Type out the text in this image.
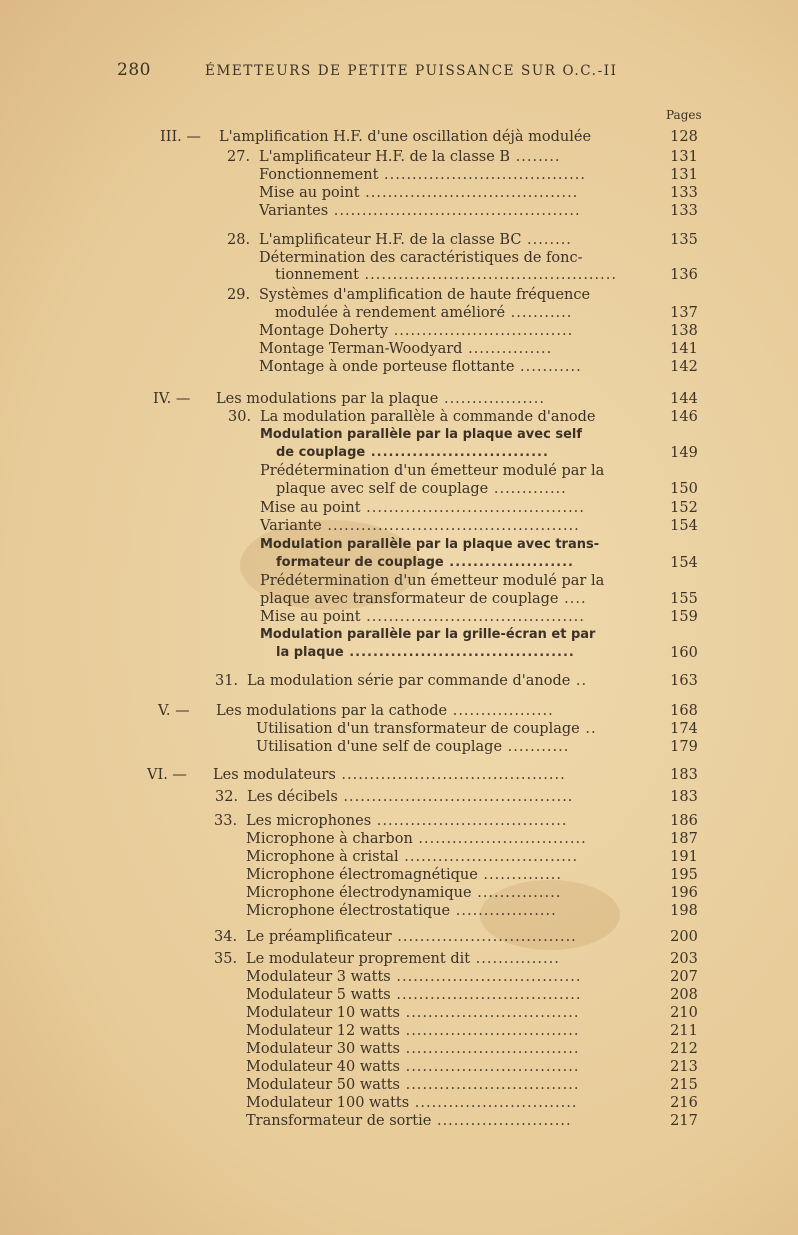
280	ÉMETTEURS DE PETITE PUISSANCE SUR O.C.-II
Pages
III. — L'amplification H.F. d'une oscillation déjà modulée	128
27. L'amplificateur H.F. de la classe B ........	131
Fonctionnement ....................................	131
Mise au point ......................................	133
Variantes ............................................	133
28. L'amplificateur H.F. de la classe BC ........	135
Détermination des caractéristiques de fonc-
tionnement .............................................	136
29. Systèmes d'amplification de haute fréquence
modulée à rendement amélioré ...........	137
Montage Doherty ................................	138
Montage Terman-Woodyard ...............	141
Montage à onde porteuse flottante ...........	142
IV. — Les modulations par la plaque ..................	144
30. La modulation parallèle à commande d'anode	146
Modulation parallèle par la plaque avec self
de couplage ..............................	149
Prédétermination d'un émetteur modulé par la
plaque avec self de couplage .............	150
Mise au point .......................................	152
Variante .............................................	154
Modulation parallèle par la plaque avec trans-
formateur de couplage .....................	154
Prédétermination d'un émetteur modulé par la
plaque avec transformateur de couplage ....	155
Mise au point .......................................	159
Modulation parallèle par la grille-écran et par
la plaque ......................................	160
31. La modulation série par commande d'anode ..	163
V. — Les modulations par la cathode ..................	168
Utilisation d'un transformateur de couplage ..	174
Utilisation d'une self de couplage ...........	179
VI. — Les modulateurs ........................................	183
32. Les décibels .........................................	183
33. Les microphones ..................................	186
Microphone à charbon ..............................	187
Microphone à cristal ...............................	191
Microphone électromagnétique ..............	195
Microphone électrodynamique ...............	196
Microphone électrostatique ..................	198
34. Le préamplificateur ................................	200
35. Le modulateur proprement dit ...............	203
Modulateur 3 watts .................................	207
Modulateur 5 watts .................................	208
Modulateur 10 watts ...............................	210
Modulateur 12 watts ...............................	211
Modulateur 30 watts ...............................	212
Modulateur 40 watts ...............................	213
Modulateur 50 watts ...............................	215
Modulateur 100 watts .............................	216
Transformateur de sortie ........................	217
